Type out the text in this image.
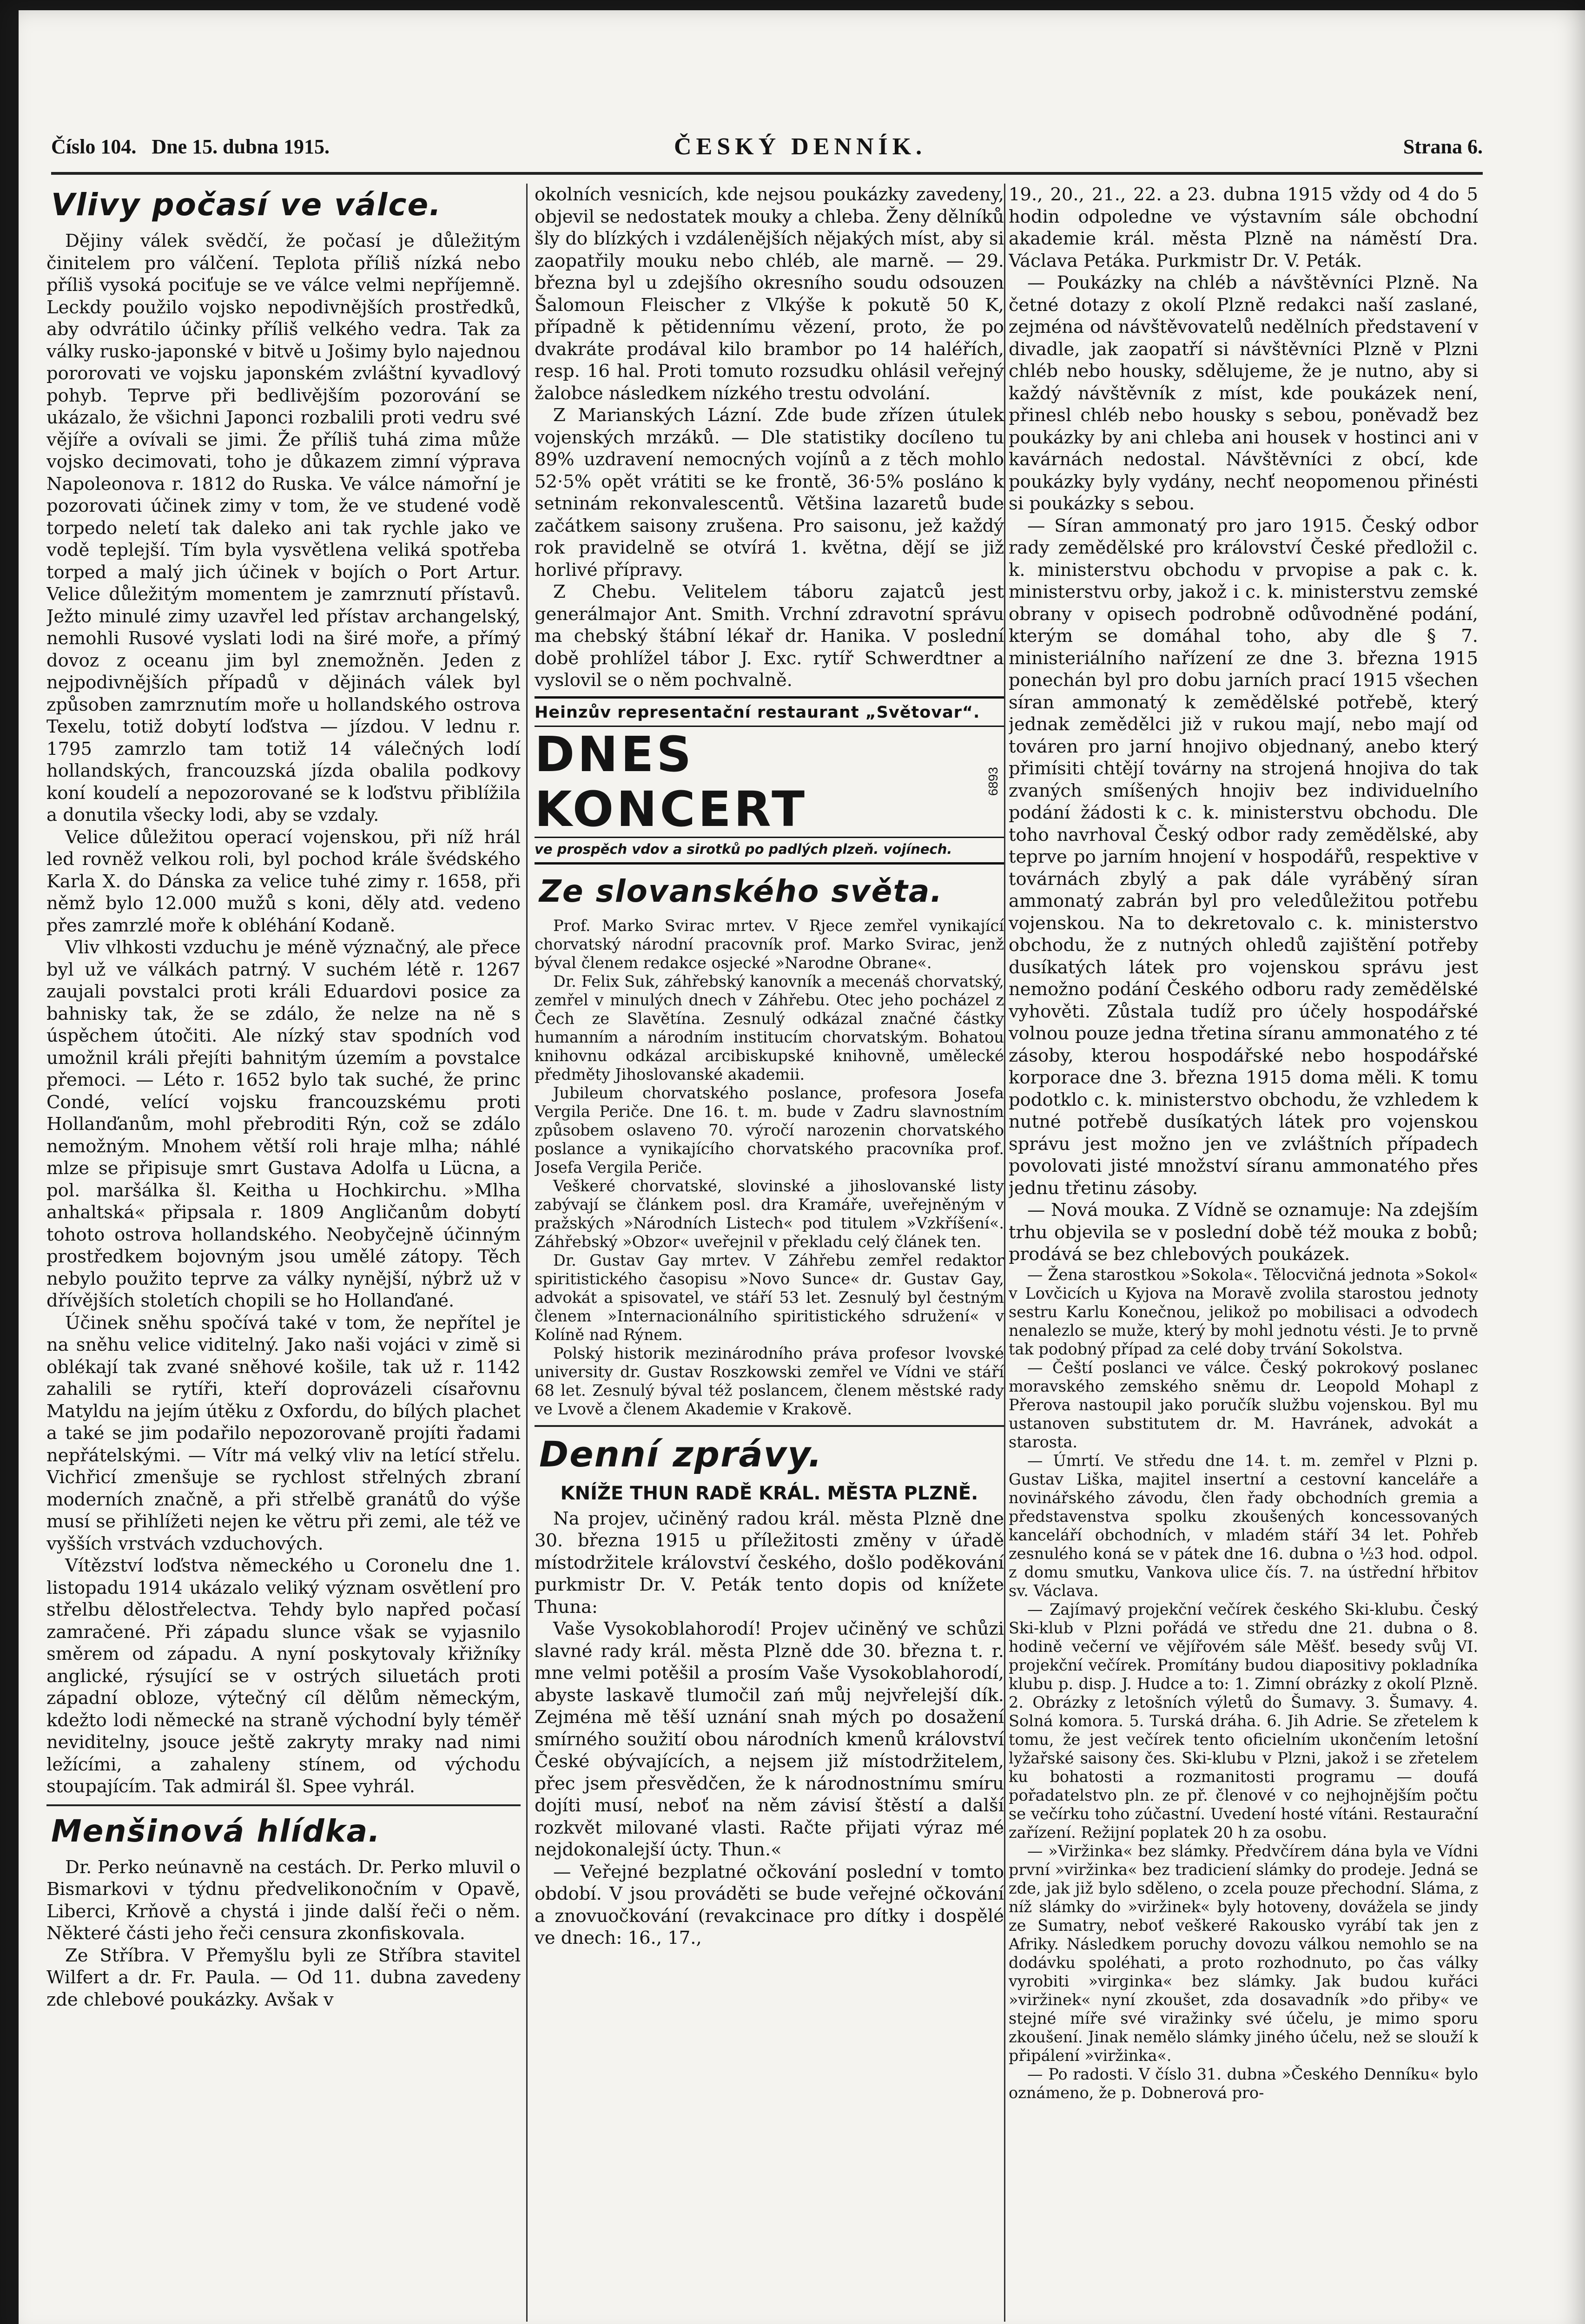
Číslo 104. Dne 15. dubna 1915.	ČESKÝ DENNÍK.	Strana 6.
Vlivy počasí ve válce.

Dějiny válek svědčí, že počasí je důležitým činitelem pro válčení. Teplota příliš nízká nebo příliš vysoká pociťuje se ve válce velmi nepříjemně. Leckdy použilo vojsko nepodivnějších prostředků, aby odvrátilo účinky příliš velkého vedra. Tak za války rusko-japonské v bitvě u Jošimy bylo najednou pororovati ve vojsku japonském zvláštní kyvadlový pohyb. Teprve při bedlivějším pozorování se ukázalo, že všichni Japonci rozbalili proti vedru své vějíře a ovívali se jimi. Že příliš tuhá zima může vojsko decimovati, toho je důkazem zimní výprava Napoleonova r. 1812 do Ruska. Ve válce námořní je pozorovati účinek zimy v tom, že ve studené vodě torpedo neletí tak daleko ani tak rychle jako ve vodě teplejší. Tím byla vysvětlena veliká spotřeba torped a malý jich účinek v bojích o Port Artur. Velice důležitým momentem je zamrznutí přístavů. Ježto minulé zimy uzavřel led přístav archangelský, nemohli Rusové vyslati lodi na širé moře, a přímý dovoz z oceanu jim byl znemožněn. Jeden z nejpodivnějších případů v dějinách válek byl způsoben zamrznutím moře u hollandského ostrova Texelu, totiž dobytí loďstva — jízdou. V lednu r. 1795 zamrzlo tam totiž 14 válečných lodí hollandských, francouzská jízda obalila podkovy koní koudelí a nepozorované se k loďstvu přiblížila a donutila všecky lodi, aby se vzdaly.

Velice důležitou operací vojenskou, při níž hrál led rovněž velkou roli, byl pochod krále švédského Karla X. do Dánska za velice tuhé zimy r. 1658, při němž bylo 12.000 mužů s koni, děly atd. vedeno přes zamrzlé moře k obléhání Kodaně.

Vliv vlhkosti vzduchu je méně význačný, ale přece byl už ve válkách patrný. V suchém létě r. 1267 zaujali povstalci proti králi Eduardovi posice za bahnisky tak, že se zdálo, že nelze na ně s úspěchem útočiti. Ale nízký stav spodních vod umožnil králi přejíti bahnitým územím a povstalce přemoci. — Léto r. 1652 bylo tak suché, že princ Condé, velící vojsku francouzskému proti Hollanďanům, mohl přebroditi Rýn, což se zdálo nemožným. Mnohem větší roli hraje mlha; náhlé mlze se připisuje smrt Gustava Adolfa u Lücna, a pol. maršálka šl. Keitha u Hochkirchu. »Mlha anhaltská« připsala r. 1809 Angličanům dobytí tohoto ostrova hollandského. Neobyčejně účinným prostředkem bojovným jsou umělé zátopy. Těch nebylo použito teprve za války nynější, nýbrž už v dřívějších stoletích chopili se ho Hollanďané.

Účinek sněhu spočívá také v tom, že nepřítel je na sněhu velice viditelný. Jako naši vojáci v zimě si oblékají tak zvané sněhové košile, tak už r. 1142 zahalili se rytíři, kteří doprovázeli císařovnu Matyldu na jejím útěku z Oxfordu, do bílých plachet a také se jim podařilo nepozorovaně projíti řadami nepřátelskými. — Vítr má velký vliv na letící střelu. Vichřicí zmenšuje se rychlost střelných zbraní moderních značně, a při střelbě granátů do výše musí se přihlížeti nejen ke větru při zemi, ale též ve vyšších vrstvách vzduchových.

Vítězství loďstva německého u Coronelu dne 1. listopadu 1914 ukázalo veliký význam osvětlení pro střelbu dělostřelectva. Tehdy bylo napřed počasí zamračené. Při západu slunce však se vyjasnilo směrem od západu. A nyní poskytovaly křižníky anglické, rýsující se v ostrých siluetách proti západní obloze, výtečný cíl dělům německým, kdežto lodi německé na straně východní byly téměř neviditelny, jsouce ještě zakryty mraky nad nimi ležícími, a zahaleny stínem, od východu stoupajícím. Tak admirál šl. Spee vyhrál.

Menšinová hlídka.

Dr. Perko neúnavně na cestách. Dr. Perko mluvil o Bismarkovi v týdnu předvelikonočním v Opavě, Liberci, Krňově a chystá i jinde další řeči o něm. Některé části jeho řeči censura zkonfiskovala.

Ze Stříbra. V Přemyšlu byli ze Stříbra stavitel Wilfert a dr. Fr. Paula. — Od 11. dubna zavedeny zde chlebové poukázky. Avšak v

okolních vesnicích, kde nejsou poukázky zavedeny, objevil se nedostatek mouky a chleba. Ženy dělníků šly do blízkých i vzdálenějších nějakých míst, aby si zaopatřily mouku nebo chléb, ale marně. — 29. března byl u zdejšího okresního soudu odsouzen Šalomoun Fleischer z Vlkýše k pokutě 50 K, případně k pětidennímu vězení, proto, že po dvakráte prodával kilo brambor po 14 haléřích, resp. 16 hal. Proti tomuto rozsudku ohlásil veřejný žalobce následkem nízkého trestu odvolání.

Z Marianských Lázní. Zde bude zřízen útulek vojenských mrzáků. — Dle statistiky docíleno tu 89% uzdravení nemocných vojínů a z těch mohlo 52·5% opět vrátiti se ke frontě, 36·5% posláno k setninám rekonvalescentů. Většina lazaretů bude začátkem saisony zrušena. Pro saisonu, jež každý rok pravidelně se otvírá 1. května, dějí se již horlivé přípravy.

Z Chebu. Velitelem táboru zajatců jest generálmajor Ant. Smith. Vrchní zdravotní správu ma chebský štábní lékař dr. Hanika. V poslední době prohlížel tábor J. Exc. rytíř Schwerdtner a vyslovil se o něm pochvalně.

Heinzův representační restaurant „Světovar“.
DNES KONCERT	6893
ve prospěch vdov a sirotků po padlých plzeň. vojínech.
Ze slovanského světa.

Prof. Marko Svirac mrtev. V Rjece zemřel vynikající chorvatský národní pracovník prof. Marko Svirac, jenž býval členem redakce osjecké »Narodne Obrane«.

Dr. Felix Suk, záhřebský kanovník a mecenáš chorvatský, zemřel v minulých dnech v Záhřebu. Otec jeho pocházel z Čech ze Slavětína. Zesnulý odkázal značné částky humanním a národním institucím chorvatským. Bohatou knihovnu odkázal arcibiskupské knihovně, umělecké předměty Jihoslovanské akademii.

Jubileum chorvatského poslance, profesora Josefa Vergila Periče. Dne 16. t. m. bude v Zadru slavnostním způsobem oslaveno 70. výročí narozenin chorvatského poslance a vynikajícího chorvatského pracovníka prof. Josefa Vergila Periče.

Veškeré chorvatské, slovinské a jihoslovanské listy zabývají se článkem posl. dra Kramáře, uveřejněným v pražských »Národních Listech« pod titulem »Vzkříšení«. Záhřebský »Obzor« uveřejnil v překladu celý článek ten.

Dr. Gustav Gay mrtev. V Záhřebu zemřel redaktor spiritistického časopisu »Novo Sunce« dr. Gustav Gay, advokát a spisovatel, ve stáří 53 let. Zesnulý byl čestným členem »Internacionálního spiritistického sdružení« v Kolíně nad Rýnem.

Polský historik mezinárodního práva profesor lvovské university dr. Gustav Roszkowski zemřel ve Vídni ve stáří 68 let. Zesnulý býval též poslancem, členem městské rady ve Lvově a členem Akademie v Krakově.

Denní zprávy.
KNÍŽE THUN RADĚ KRÁL. MĚSTA PLZNĚ.

Na projev, učiněný radou král. města Plzně dne 30. března 1915 u příležitosti změny v úřadě místodržitele království českého, došlo poděkování purkmistr Dr. V. Peták tento dopis od knížete Thuna:

Vaše Vysokoblahorodí! Projev učiněný ve schůzi slavné rady král. města Plzně dde 30. března t. r. mne velmi potěšil a prosím Vaše Vysokoblahorodí, abyste laskavě tlumočil zań můj nejvřelejší dík. Zejména mě těší uznání snah mých po dosažení smírného soužití obou národních kmenů království České obývajících, a nejsem již místodržitelem, přec jsem přesvědčen, že k národnostnímu smíru dojíti musí, neboť na něm závisí štěstí a další rozkvět milované vlasti. Račte přijati výraz mé nejdokonalejší úcty. Thun.«

— Veřejné bezplatné očkování poslední v tomto období. V jsou prováděti se bude veřejné očkování a znovuočkování (revakcinace pro dítky i dospělé ve dnech: 16., 17.,

19., 20., 21., 22. a 23. dubna 1915 vždy od 4 do 5 hodin odpoledne ve výstavním sále obchodní akademie král. města Plzně na náměstí Dra. Václava Petáka. Purkmistr Dr. V. Peták.

— Poukázky na chléb a návštěvníci Plzně. Na četné dotazy z okolí Plzně redakci naší zaslané, zejména od návštěvovatelů nedělních představení v divadle, jak zaopatří si návštěvníci Plzně v Plzni chléb nebo housky, sdělujeme, že je nutno, aby si každý návštěvník z míst, kde poukázek není, přinesl chléb nebo housky s sebou, poněvadž bez poukázky by ani chleba ani housek v hostinci ani v kavárnách nedostal. Návštěvníci z obcí, kde poukázky byly vydány, nechť neopomenou přinésti si poukázky s sebou.

— Síran ammonatý pro jaro 1915. Český odbor rady zemědělské pro království České předložil c. k. ministerstvu obchodu v prvopise a pak c. k. ministerstvu orby, jakož i c. k. ministerstvu zemské obrany v opisech podrobně odůvodněné podání, kterým se domáhal toho, aby dle § 7. ministeriálního nařízení ze dne 3. března 1915 ponechán byl pro dobu jarních prací 1915 všechen síran ammonatý k zemědělské potřebě, který jednak zemědělci již v rukou mají, nebo mají od továren pro jarní hnojivo objednaný, anebo který přimísiti chtějí továrny na strojená hnojiva do tak zvaných smíšených hnojiv bez individuelního podání žádosti k c. k. ministerstvu obchodu. Dle toho navrhoval Český odbor rady zemědělské, aby teprve po jarním hnojení v hospodářů, respektive v továrnách zbylý a pak dále vyráběný síran ammonatý zabrán byl pro veledůležitou potřebu vojenskou. Na to dekretovalo c. k. ministerstvo obchodu, že z nutných ohledů zajištění potřeby dusíkatých látek pro vojenskou správu jest nemožno podání Českého odboru rady zemědělské vyhověti. Zůstala tudíž pro účely hospodářské volnou pouze jedna třetina síranu ammonatého z té zásoby, kterou hospodářské nebo hospodářské korporace dne 3. března 1915 doma měli. K tomu podotklo c. k. ministerstvo obchodu, že vzhledem k nutné potřebě dusíkatých látek pro vojenskou správu jest možno jen ve zvláštních případech povolovati jisté množství síranu ammonatého přes jednu třetinu zásoby.

— Nová mouka. Z Vídně se oznamuje: Na zdejším trhu objevila se v poslední době též mouka z bobů; prodává se bez chlebových poukázek.

— Žena starostkou »Sokola«. Tělocvičná jednota »Sokol« v Lovčicích u Kyjova na Moravě zvolila starostou jednoty sestru Karlu Konečnou, jelikož po mobilisaci a odvodech nenalezlo se muže, který by mohl jednotu vésti. Je to prvně tak podobný případ za celé doby trvání Sokolstva.

— Čeští poslanci ve válce. Český pokrokový poslanec moravského zemského sněmu dr. Leopold Mohapl z Přerova nastoupil jako poručík službu vojenskou. Byl mu ustanoven substitutem dr. M. Havránek, advokát a starosta.

— Úmrtí. Ve středu dne 14. t. m. zemřel v Plzni p. Gustav Liška, majitel insertní a cestovní kanceláře a novinářského závodu, člen řady obchodních gremia a představenstva spolku zkoušených koncessovaných kanceláří obchodních, v mladém stáří 34 let. Pohřeb zesnulého koná se v pátek dne 16. dubna o ½3 hod. odpol. z domu smutku, Vankova ulice čís. 7. na ústřední hřbitov sv. Václava.

— Zajímavý projekční večírek českého Ski-klubu. Český Ski-klub v Plzni pořádá ve středu dne 21. dubna o 8. hodině večerní ve vějířovém sále Měšť. besedy svůj VI. projekční večírek. Promítány budou diapositivy pokladníka klubu p. disp. J. Hudce a to: 1. Zimní obrázky z okolí Plzně. 2. Obrázky z letošních výletů do Šumavy. 3. Šumavy. 4. Solná komora. 5. Turská dráha. 6. Jih Adrie. Se zřetelem k tomu, že jest večírek tento oficielním ukončením letošní lyžařské saisony čes. Ski-klubu v Plzni, jakož i se zřetelem ku bohatosti a rozmanitosti programu — doufá pořadatelstvo pln. ze př. členové v co nejhojnějším počtu se večírku toho zúčastní. Uvedení hosté vítáni. Restaurační zařízení. Režijní poplatek 20 h za osobu.

— »Viržinka« bez slámky. Předvčírem dána byla ve Vídni první »viržinka« bez tradiciení slámky do prodeje. Jedná se zde, jak již bylo sděleno, o zcela pouze přechodní. Sláma, z níž slámky do »viržinek« byly hotoveny, dovážela se jindy ze Sumatry, neboť veškeré Rakousko vyrábí tak jen z Afriky. Následkem poruchy dovozu válkou nemohlo se na dodávku spoléhati, a proto rozhodnuto, po čas války vyrobiti »virginka« bez slámky. Jak budou kuřáci »viržinek« nyní zkoušet, zda dosavadník »do přiby« ve stejné míře své viražinky své účelu, je mimo sporu zkoušení. Jinak nemělo slámky jiného účelu, než se slouží k připálení »viržinka«.

— Po radosti. V číslo 31. dubna »Českého Denníku« bylo oznámeno, že p. Dobnerová pro-
